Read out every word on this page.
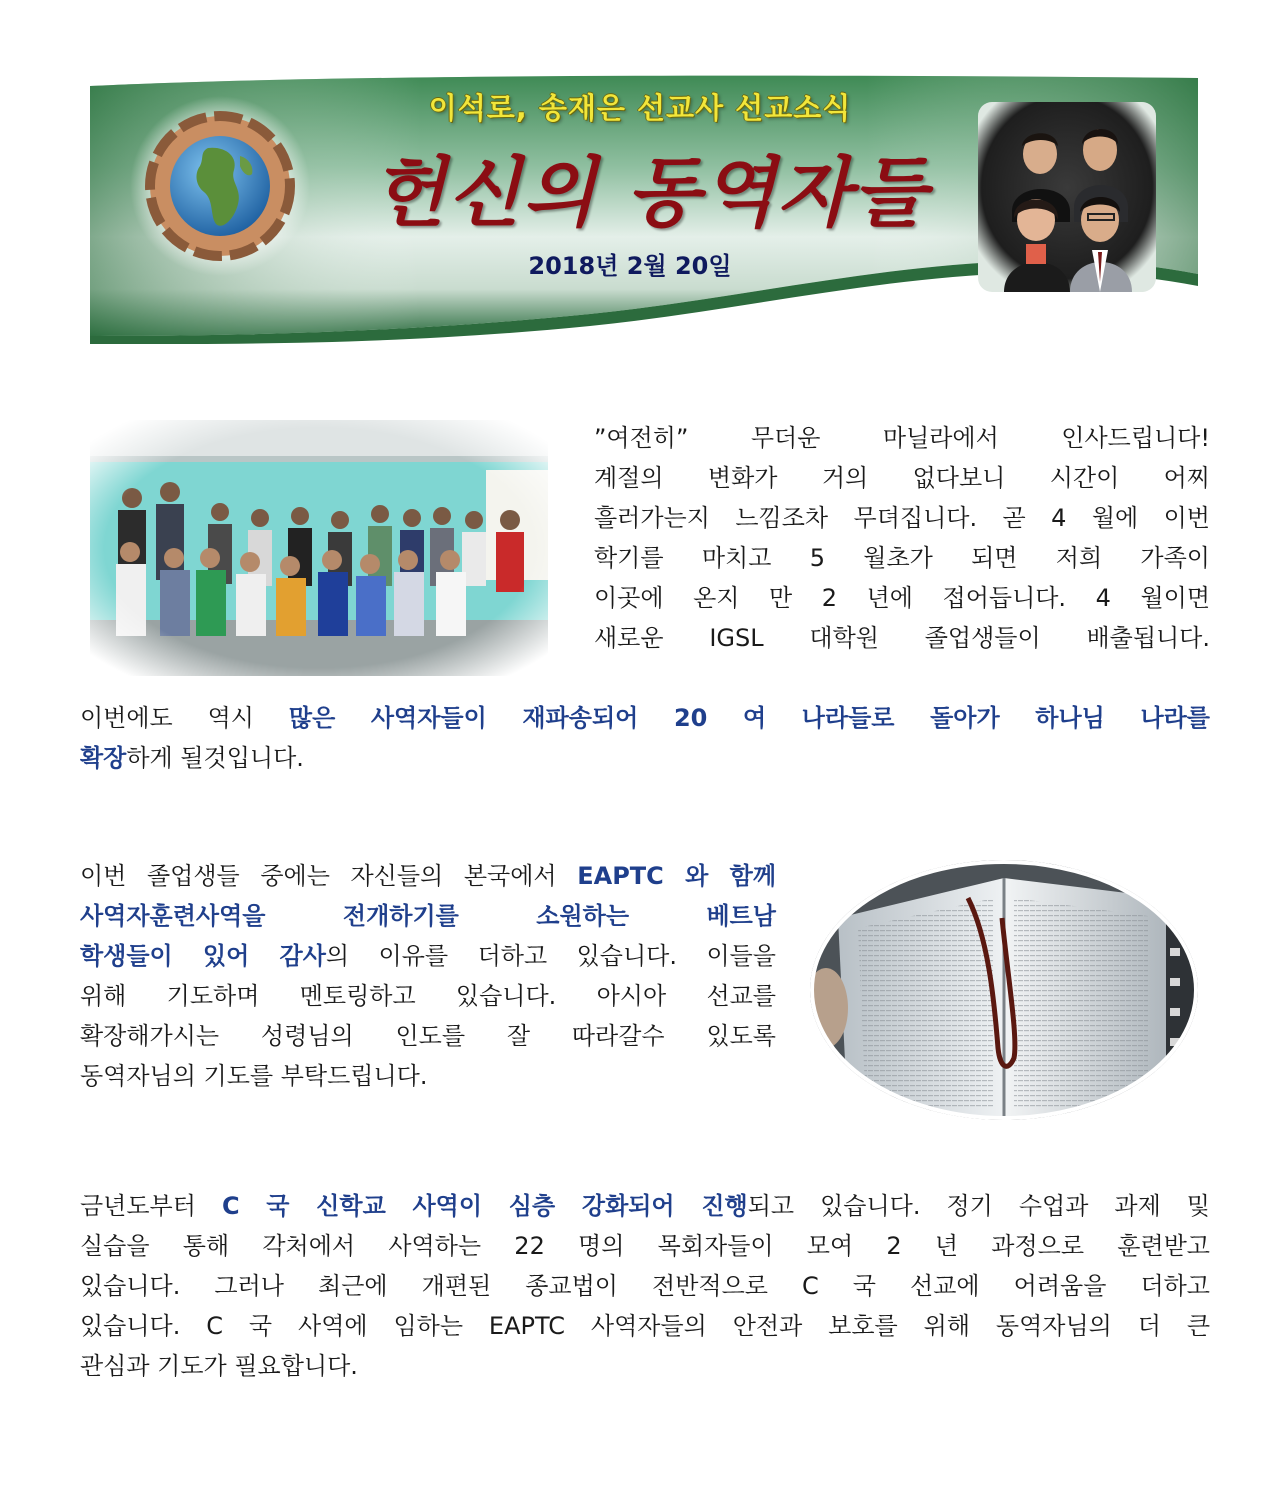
이석로, 송재은 선교사 선교소식
헌신의 동역자들
2018년 2월 20일
”여전히” 무더운 마닐라에서 인사드립니다!
계절의 변화가 거의 없다보니 시간이 어찌
흘러가는지 느낌조차 무뎌집니다. 곧 4 월에 이번
학기를 마치고 5 월초가 되면 저희 가족이
이곳에 온지 만 2 년에 접어듭니다. 4 월이면
새로운 IGSL 대학원 졸업생들이 배출됩니다.
이번에도 역시 많은 사역자들이 재파송되어 20 여 나라들로 돌아가 하나님 나라를
확장하게 될것입니다.
이번 졸업생들 중에는 자신들의 본국에서 EAPTC 와 함께
사역자훈련사역을 전개하기를 소원하는 베트남
학생들이 있어 감사의 이유를 더하고 있습니다. 이들을
위해 기도하며 멘토링하고 있습니다. 아시아 선교를
확장해가시는 성령님의 인도를 잘 따라갈수 있도록
동역자님의 기도를 부탁드립니다.
금년도부터 C 국 신학교 사역이 심층 강화되어 진행되고 있습니다. 정기 수업과 과제 및
실습을 통해 각처에서 사역하는 22 명의 목회자들이 모여 2 년 과정으로 훈련받고
있습니다. 그러나 최근에 개편된 종교법이 전반적으로 C 국 선교에 어려움을 더하고
있습니다. C 국 사역에 임하는 EAPTC 사역자들의 안전과 보호를 위해 동역자님의 더 큰
관심과 기도가 필요합니다.
